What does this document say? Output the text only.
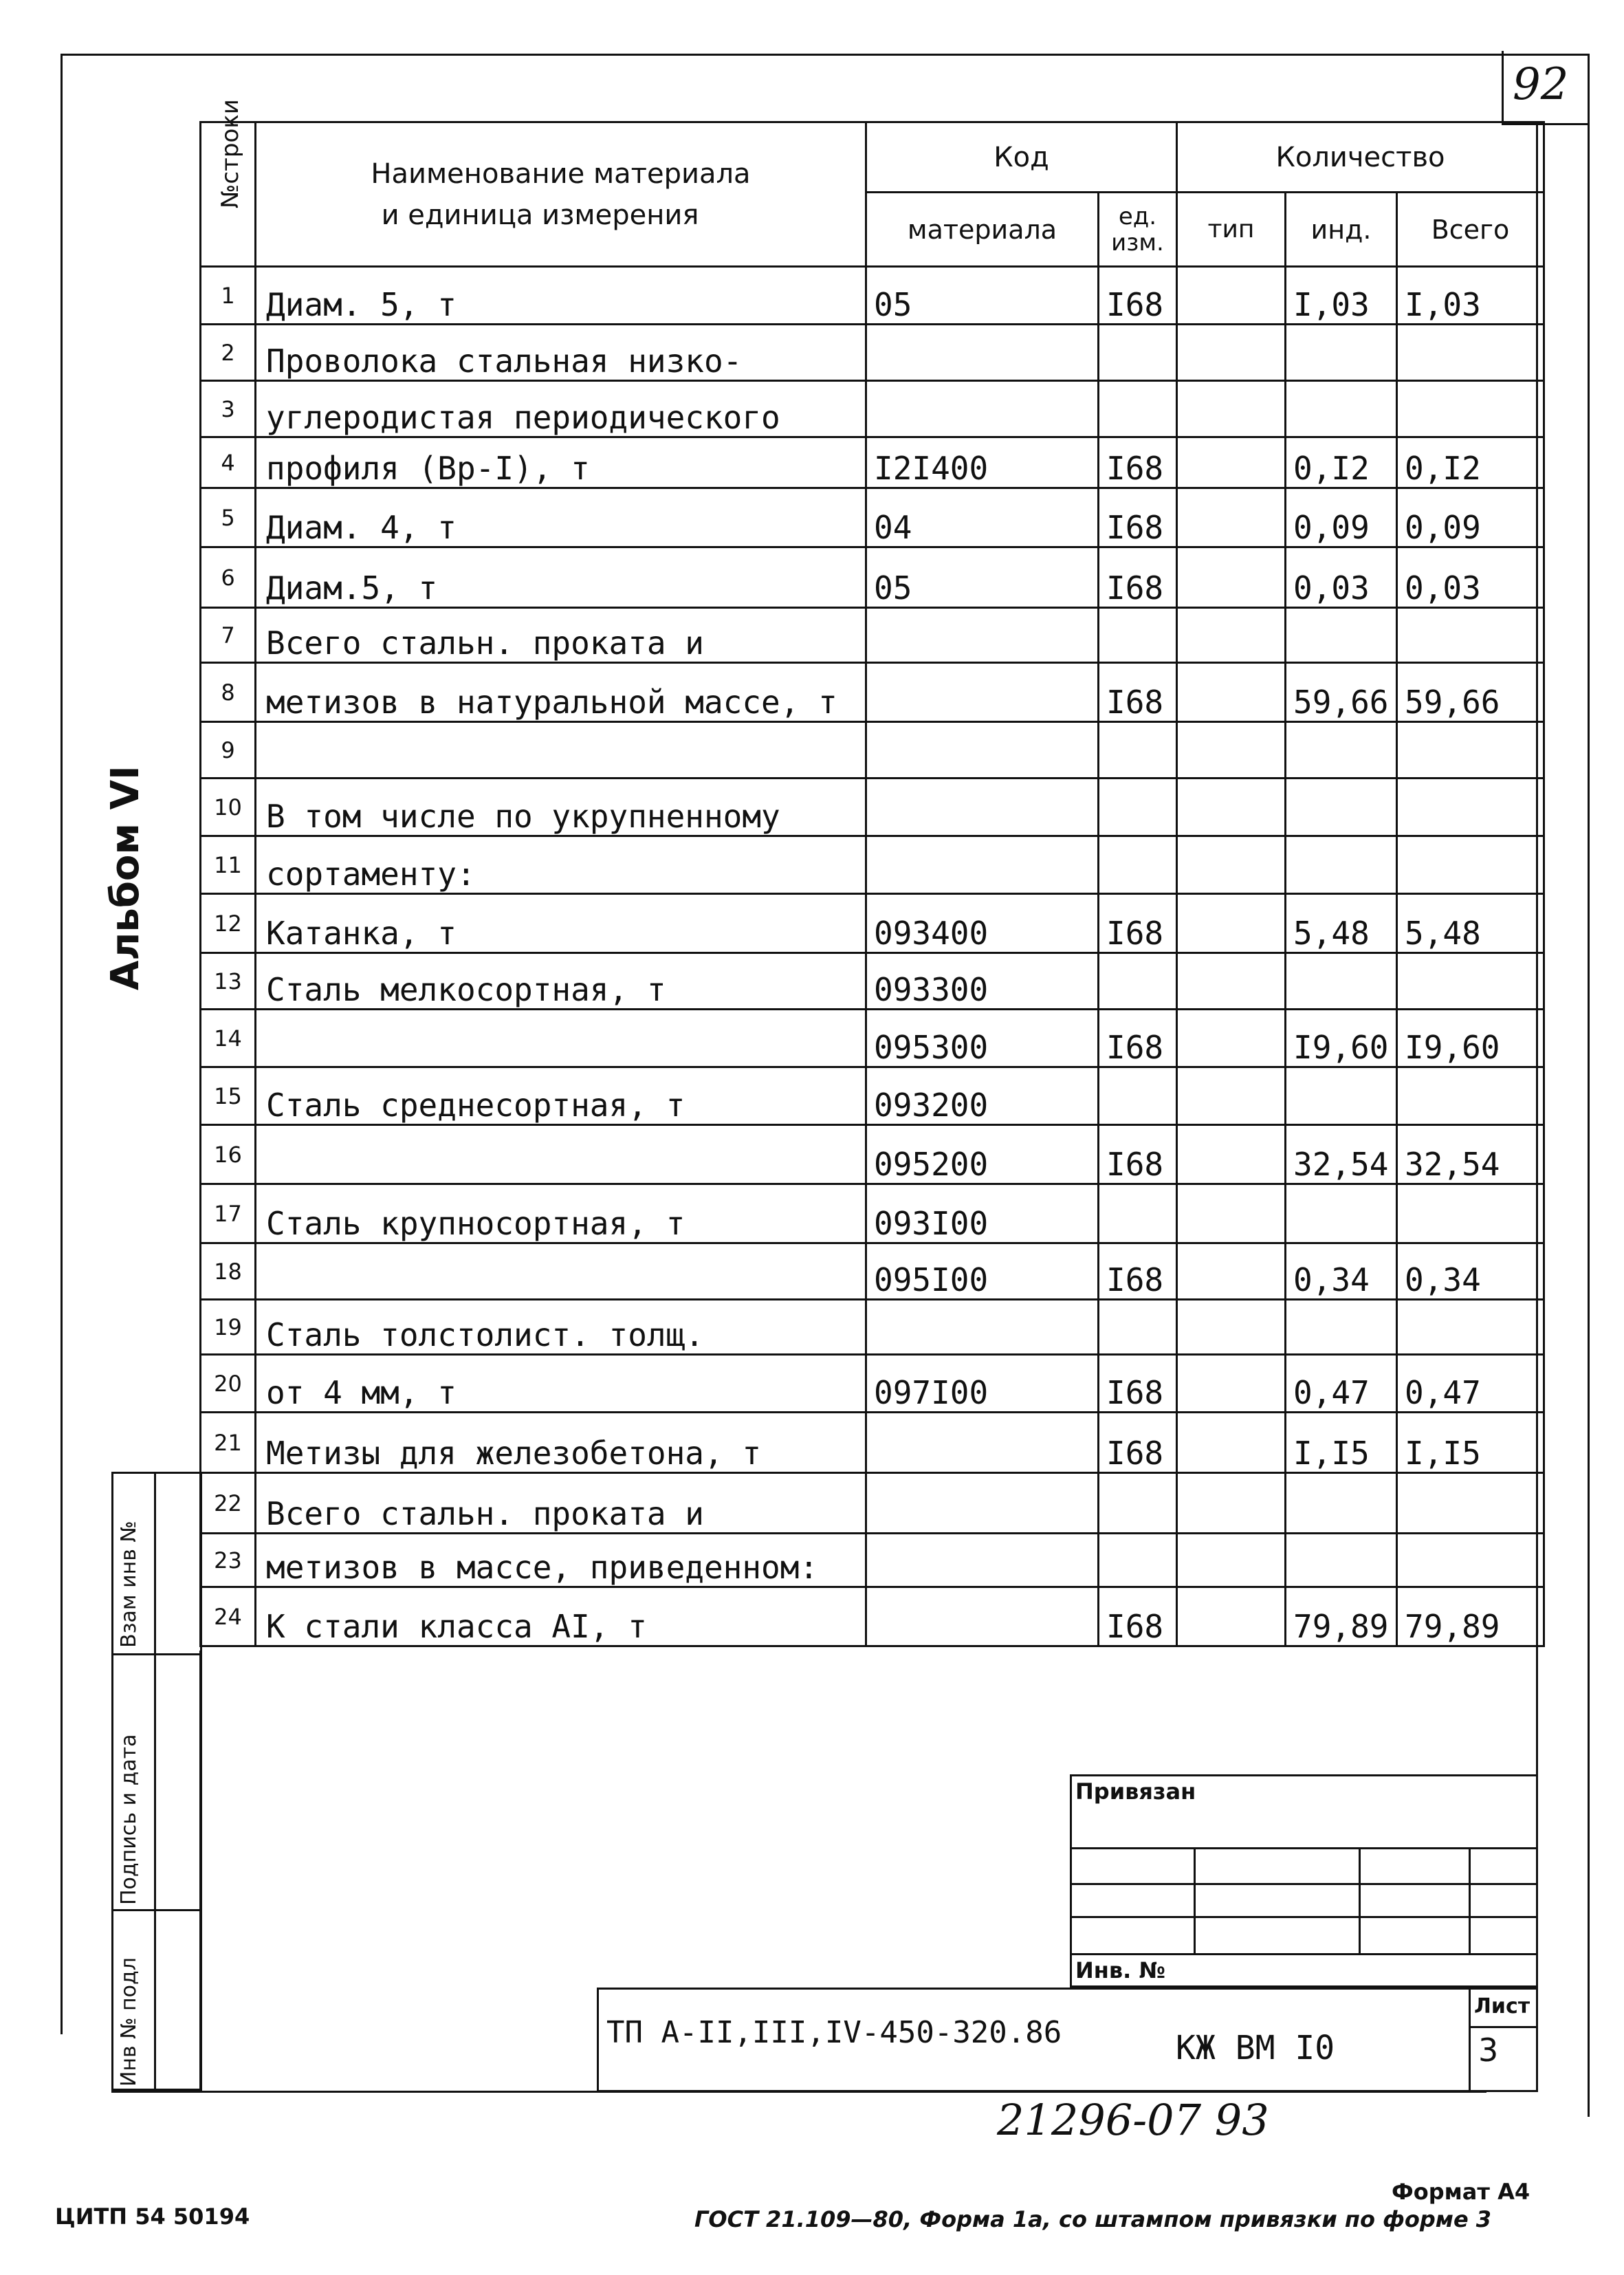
92
Альбом VI
№строки	Наименование материала
и единица измерения	Код		Количество		
		материала	ед. изм.	тип	инд.	Всего
1	Диам. 5, т	05	I68		I,03	I,03
2	Проволока стальная низко-					
3	углеродистая периодического					
4	профиля (Вр-I), т	I2I400	I68		0,I2	0,I2
5	Диам. 4, т	04	I68		0,09	0,09
6	Диам.5, т	05	I68		0,03	0,03
7	Всего стальн. проката и					
8	метизов в натуральной массе, т		I68		59,66	59,66
9						
10	В том числе по укрупненному					
11	сортаменту:					
12	Катанка, т	093400	I68		5,48	5,48
13	Сталь мелкосортная, т	093300				
14		095300	I68		I9,60	I9,60
15	Сталь среднесортная, т	093200				
16		095200	I68		32,54	32,54
17	Сталь крупносортная, т	093I00				
18		095I00	I68		0,34	0,34
19	Сталь толстолист. толщ.					
20	от 4 мм, т	097I00	I68		0,47	0,47
21	Метизы для железобетона, т		I68		I,I5	I,I5
22	Всего стальн. проката и					
23	метизов в массе, приведенном:					
24	К стали класса АI, т		I68		79,89	79,89
Взам инв №
Подпись и дата
Инв № подл
Привязан
Инв. №
Лист
3
ТП А-II,III,IV-450-320.86	КЖ ВМ I0
21296-07 93
Формат А4
ЦИТП 54 50194	ГОСТ 21.109—80, Форма 1а, со штампом привязки по форме 3
